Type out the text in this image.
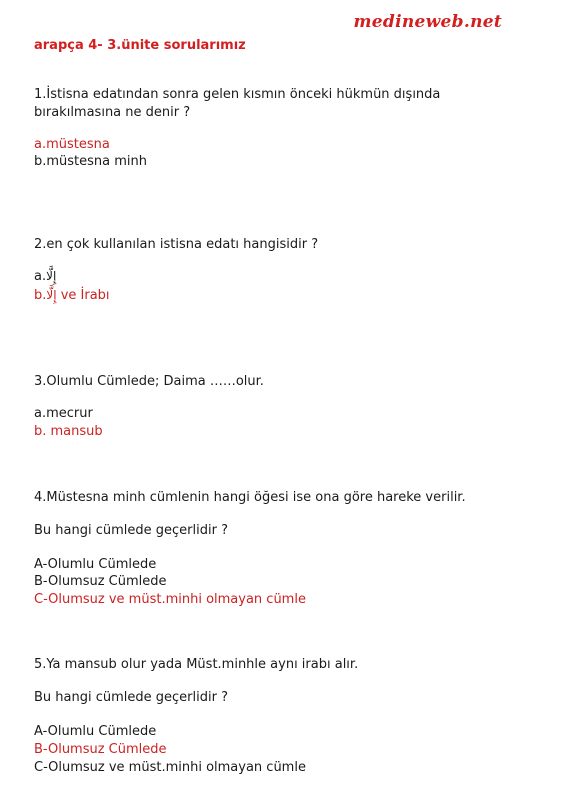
medineweb.net
arapça 4- 3.ünite sorularımız
1.İstisna edatından sonra gelen kısmın önceki hükmün dışında
bırakılmasına ne denir ?
a.müstesna
b.müstesna minh
2.en çok kullanılan istisna edatı hangisidir ?
a.إِلَّا
b.إِلَّا ve İrabı
3.Olumlu Cümlede; Daima ……olur.
a.mecrur
b. mansub
4.Müstesna minh cümlenin hangi öğesi ise ona göre hareke verilir.
Bu hangi cümlede geçerlidir ?
A-Olumlu Cümlede
B-Olumsuz Cümlede
C-Olumsuz ve müst.minhi olmayan cümle
5.Ya mansub olur yada Müst.minhle aynı irabı alır.
Bu hangi cümlede geçerlidir ?
A-Olumlu Cümlede
B-Olumsuz Cümlede
C-Olumsuz ve müst.minhi olmayan cümle
